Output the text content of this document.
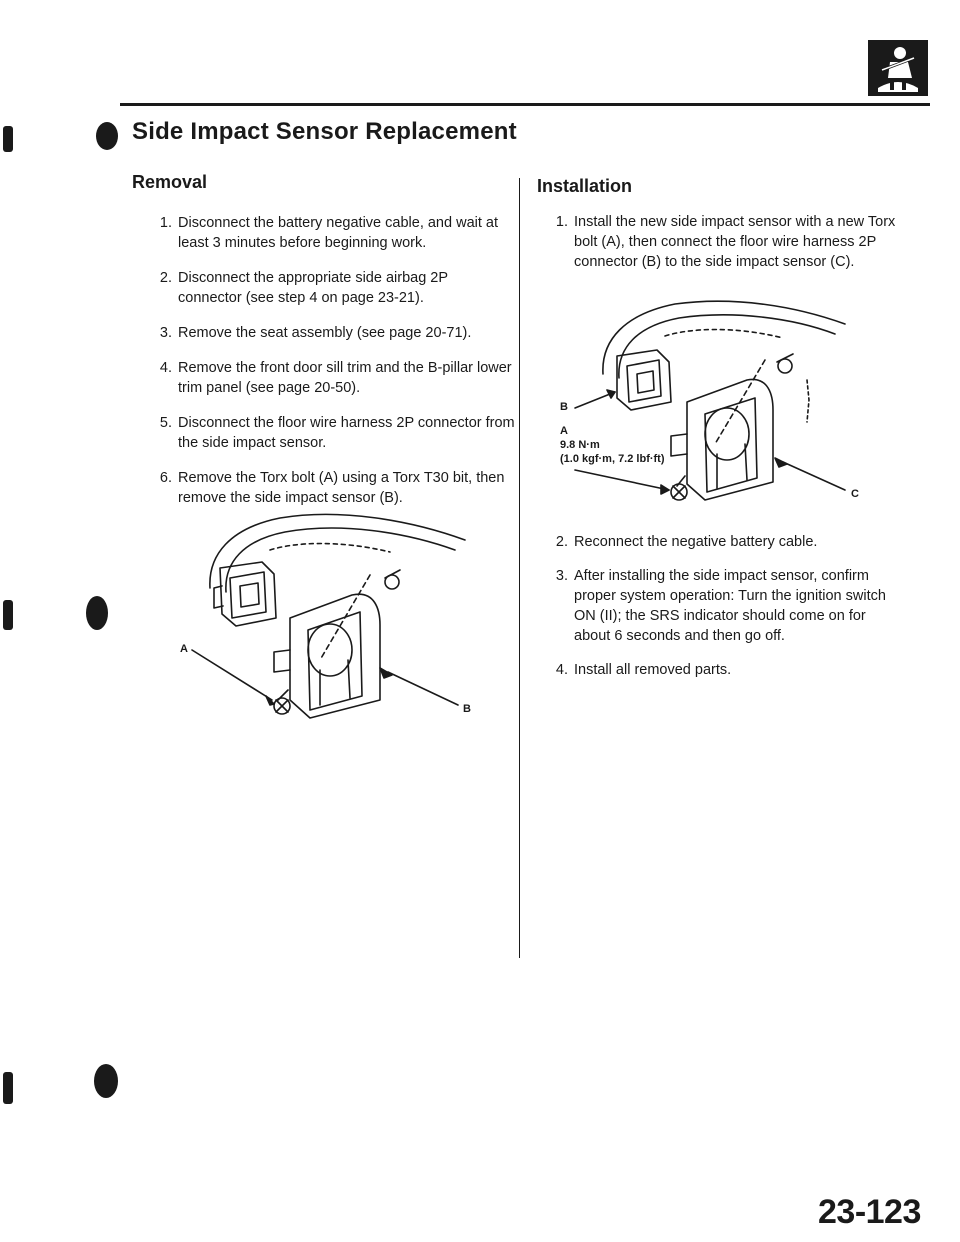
Side Impact Sensor Replacement
Removal
1. Disconnect the battery negative cable, and wait at least 3 minutes before beginning work.
2. Disconnect the appropriate side airbag 2P connector (see step 4 on page 23-21).
3. Remove the seat assembly (see page 20-71).
4. Remove the front door sill trim and the B-pillar lower trim panel (see page 20-50).
5. Disconnect the floor wire harness 2P connector from the side impact sensor.
6. Remove the Torx bolt (A) using a Torx T30 bit, then remove the side impact sensor (B).
A
B
Installation
1. Install the new side impact sensor with a new Torx bolt (A), then connect the floor wire harness 2P connector (B) to the side impact sensor (C).
B
A
9.8 N·m
(1.0 kgf·m, 7.2 lbf·ft)
C
2. Reconnect the negative battery cable.
3. After installing the side impact sensor, confirm proper system operation: Turn the ignition switch ON (II); the SRS indicator should come on for about 6 seconds and then go off.
4. Install all removed parts.
23-123
